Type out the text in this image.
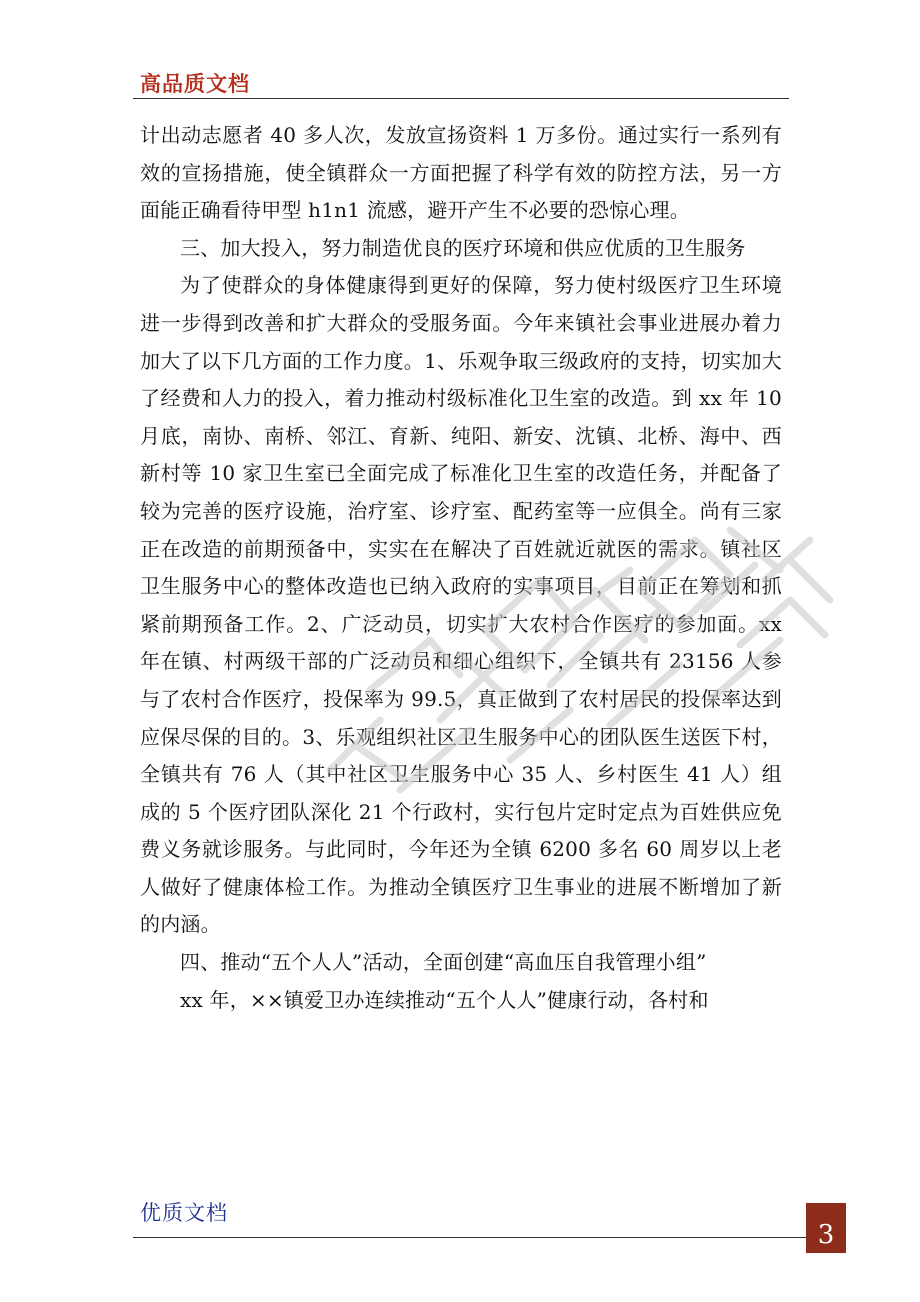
高品质文档

计出动志愿者 40 多人次，发放宣扬资料 1 万多份。通过实行一系列有效的宣扬措施，使全镇群众一方面把握了科学有效的防控方法，另一方面能正确看待甲型 h1n1 流感，避开产生不必要的恐惊心理。

三、加大投入，努力制造优良的医疗环境和供应优质的卫生服务

为了使群众的身体健康得到更好的保障，努力使村级医疗卫生环境进一步得到改善和扩大群众的受服务面。今年来镇社会事业进展办着力加大了以下几方面的工作力度。1、乐观争取三级政府的支持，切实加大了经费和人力的投入，着力推动村级标准化卫生室的改造。到 xx 年 10 月底，南协、南桥、邻江、育新、纯阳、新安、沈镇、北桥、海中、西新村等 10 家卫生室已全面完成了标准化卫生室的改造任务，并配备了较为完善的医疗设施，治疗室、诊疗室、配药室等一应俱全。尚有三家正在改造的前期预备中，实实在在解决了百姓就近就医的需求。镇社区卫生服务中心的整体改造也已纳入政府的实事项目，目前正在筹划和抓紧前期预备工作。2、广泛动员，切实扩大农村合作医疗的参加面。xx 年在镇、村两级干部的广泛动员和细心组织下，全镇共有 23156 人参与了农村合作医疗，投保率为 99.5，真正做到了农村居民的投保率达到应保尽保的目的。3、乐观组织社区卫生服务中心的团队医生送医下村，全镇共有 76 人（其中社区卫生服务中心 35 人、乡村医生 41 人）组成的 5 个医疗团队深化 21 个行政村，实行包片定时定点为百姓供应免费义务就诊服务。与此同时，今年还为全镇 6200 多名 60 周岁以上老人做好了健康体检工作。为推动全镇医疗卫生事业的进展不断增加了新的内涵。

四、推动“五个人人”活动，全面创建“高血压自我管理小组”

xx 年，××镇爱卫办连续推动“五个人人”健康行动，各村和

优质文档
3
